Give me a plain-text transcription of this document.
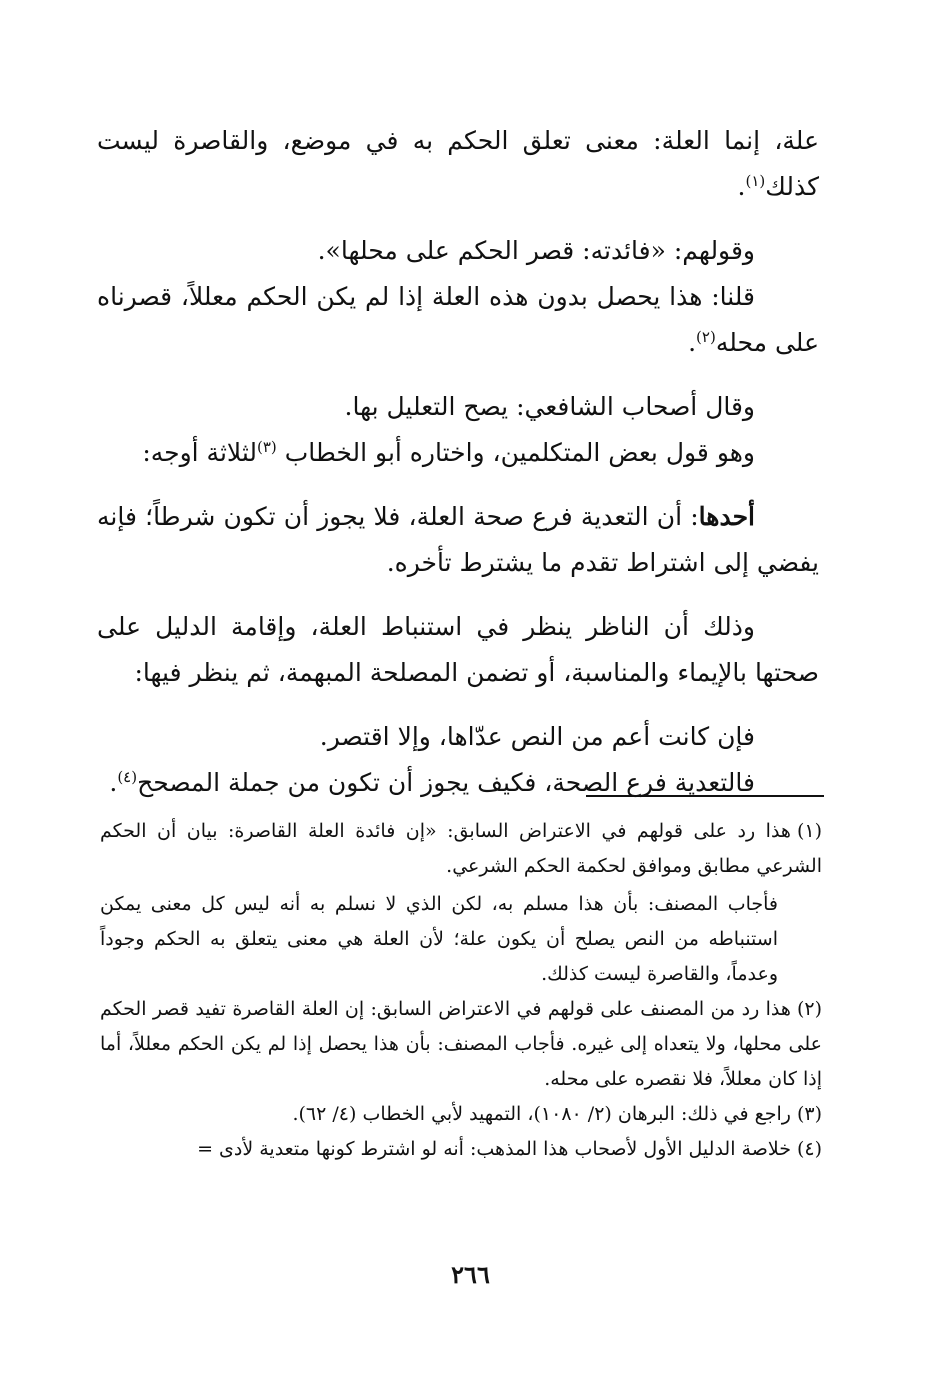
علة، إنما العلة: معنى تعلق الحكم به في موضع، والقاصرة ليست كذلك$^{(١)}$.

وقولهم: «فائدته: قصر الحكم على محلها».

قلنا: هذا يحصل بدون هذه العلة إذا لم يكن الحكم معللاً، قصرناه على محله$^{(٢)}$.

وقال أصحاب الشافعي: يصح التعليل بها.

وهو قول بعض المتكلمين، واختاره أبو الخطاب $^{(٣)}$لثلاثة أوجه:

أحدها: أن التعدية فرع صحة العلة، فلا يجوز أن تكون شرطاً؛ فإنه يفضي إلى اشتراط تقدم ما يشترط تأخره.

وذلك أن الناظر ينظر في استنباط العلة، وإقامة الدليل على صحتها بالإيماء والمناسبة، أو تضمن المصلحة المبهمة، ثم ينظر فيها:

فإن كانت أعم من النص عدّاها، وإلا اقتصر.

فالتعدية فرع الصحة، فكيف يجوز أن تكون من جملة المصحح$^{(٤)}$.

(١)هذا رد على قولهم في الاعتراض السابق: «إن فائدة العلة القاصرة: بيان أن الحكم الشرعي مطابق وموافق لحكمة الحكم الشرعي.

فأجاب المصنف: بأن هذا مسلم به، لكن الذي لا نسلم به أنه ليس كل معنى يمكن استنباطه من النص يصلح أن يكون علة؛ لأن العلة هي معنى يتعلق به الحكم وجوداً وعدماً، والقاصرة ليست كذلك.

(٢)هذا رد من المصنف على قولهم في الاعتراض السابق: إن العلة القاصرة تفيد قصر الحكم على محلها، ولا يتعداه إلى غيره. فأجاب المصنف: بأن هذا يحصل إذا لم يكن الحكم معللاً، أما إذا كان معللاً، فلا نقصره على محله.

(٣)راجع في ذلك: البرهان (٢/ ١٠٨٠)، التمهيد لأبي الخطاب (٤/ ٦٢).

(٤)خلاصة الدليل الأول لأصحاب هذا المذهب: أنه لو اشترط كونها متعدية لأدى =

٢٦٦
